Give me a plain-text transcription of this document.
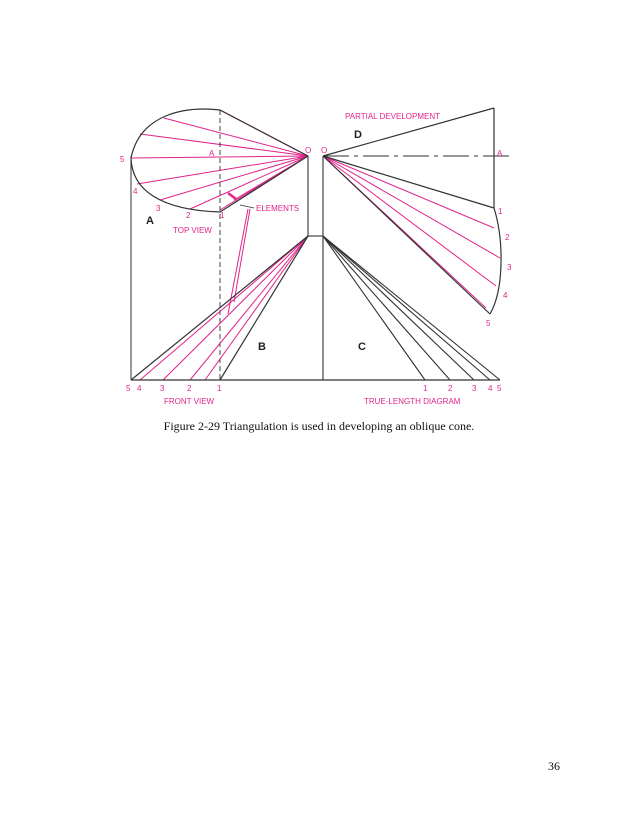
PARTIAL DEVELOPMENT
D
O O
A	A
5
4
3
2	1
A
TOP VIEW
ELEMENTS
B	C
5 4 3	2	1
FRONT VIEW
1	2 3 4 5
TRUE-LENGTH DIAGRAM
1
2
3
4
5
Figure 2-29 Triangulation is used in developing an oblique cone.
36
